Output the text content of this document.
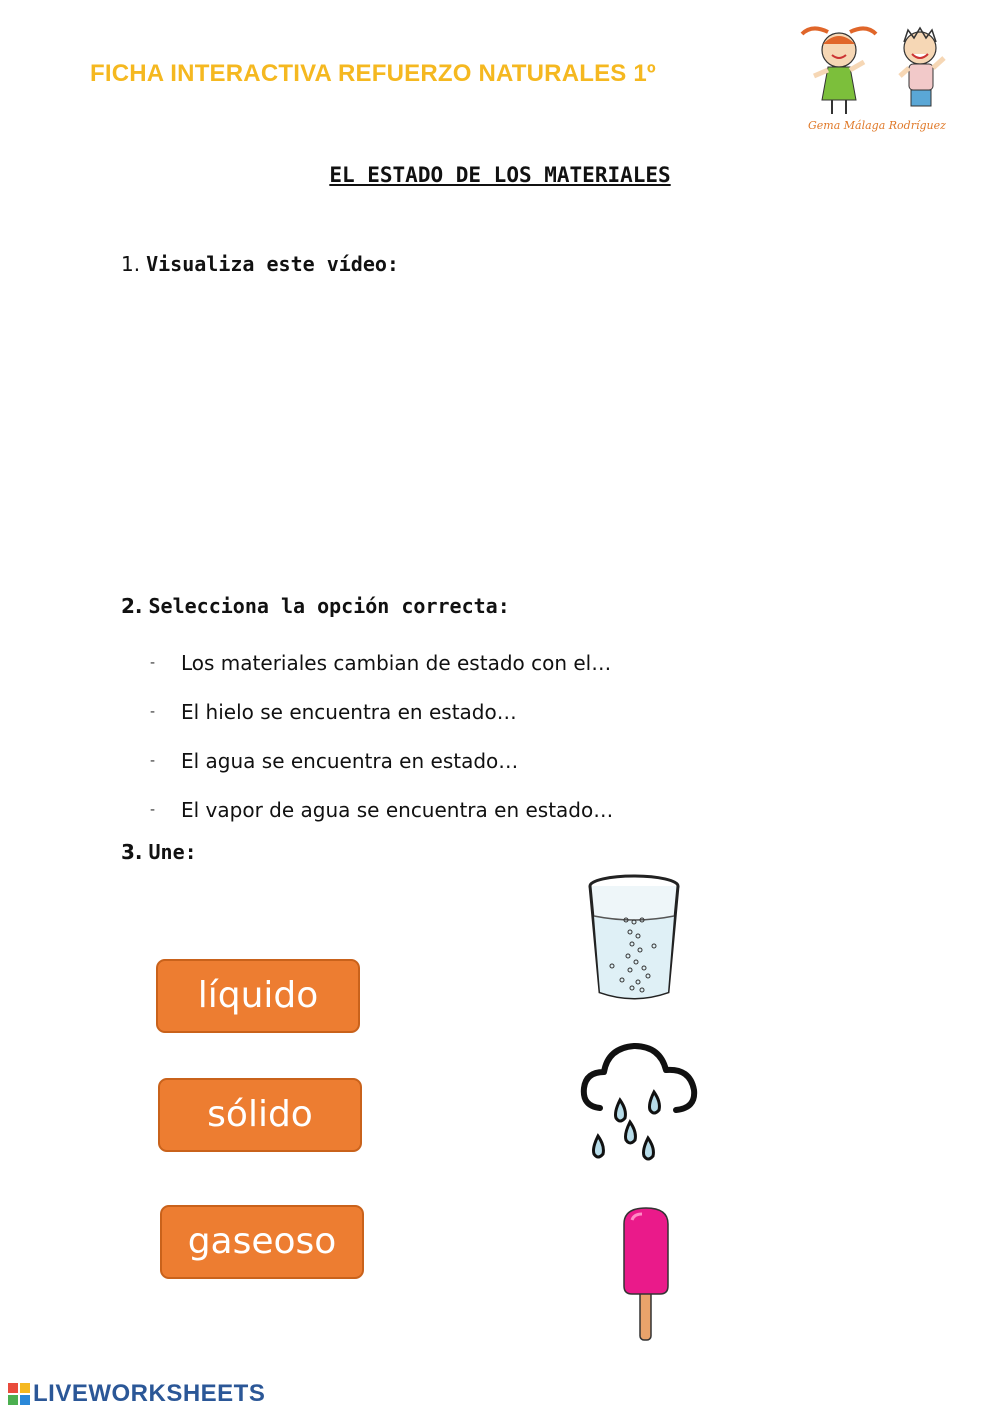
FICHA INTERACTIVA REFUERZO NATURALES 1º
Gema Málaga Rodríguez
EL ESTADO DE LOS MATERIALES
1. Visualiza este vídeo:
2. Selecciona la opción correcta:
-	Los materiales cambian de estado con el…
-	El hielo se encuentra en estado…
-	El agua se encuentra en estado…
-	El vapor de agua se encuentra en estado…
3. Une:
líquido
sólido
gaseoso
LIVEWORKSHEETS
